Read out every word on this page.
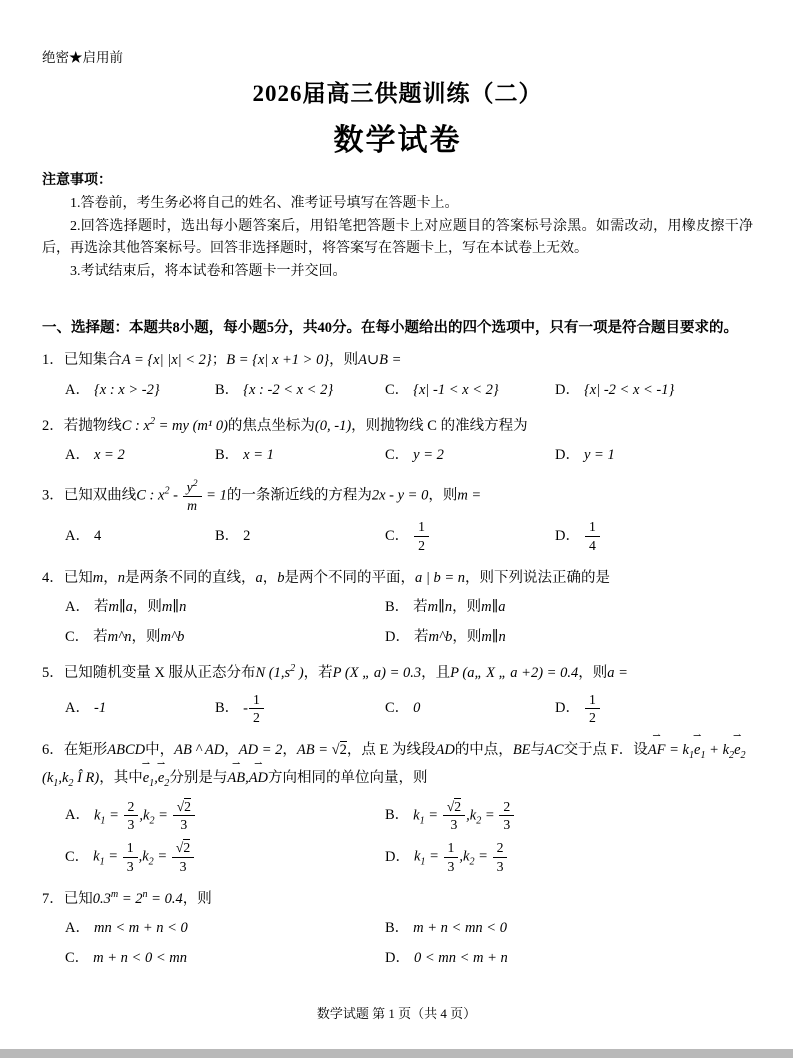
绝密★启用前
2026届高三供题训练（二）
数学试卷
注意事项：

1.答卷前，考生务必将自己的姓名、准考证号填写在答题卡上。

2.回答选择题时，选出每小题答案后，用铅笔把答题卡上对应题目的答案标号涂黑。如需改动，用橡皮擦干净后，再选涂其他答案标号。回答非选择题时，将答案写在答题卡上，写在本试卷上无效。

3.考试结束后，将本试卷和答题卡一并交回。

一、选择题：本题共8小题，每小题5分，共40分。在每小题给出的四个选项中，只有一项是符合题目要求的。
1．已知集合A = {x| |x| < 2}；B = {x| x +1 > 0}，则A∪B =
A． {x : x > -2}	B． {x : -2 < x < 2}	C． {x| -1 < x < 2}	D． {x| -2 < x < -1}
2．若抛物线C : $x^2$ = my (m¹ 0)的焦点坐标为(0, -1)，则抛物线 C 的准线方程为
A． x = 2	B． x = 1	C． y = 2	D． y = 1
3．已知双曲线C : $x^2 - \frac{y^2}{m} = 1$的一条渐近线的方程为2x - y = 0，则m =
A． 4	B． 2	C． $\frac{1}{2}$	D． $\frac{1}{4}$
4．已知m，n是两条不同的直线，a，b是两个不同的平面，a | b = n，则下列说法正确的是
A． 若m∥a，则m∥n	B． 若m∥n，则m∥a
C． 若m^n，则m^b	D． 若m^b，则m∥n
5．已知随机变量 X 服从正态分布N ($1,s^2$ )，若P (X „ a) = 0.3，且P (a„ X „ a +2) = 0.4，则a =
A． -1	B． - $\frac{1}{2}$	C． 0	D． $\frac{1}{2}$
6．在矩形ABCD中，AB ^ AD，AD = 2，AB = √2，点 E 为线段AD的中点，BE与AC交于点 F．设AF ⇀ = $k_1e$ $⇀_1 + k_2e$ $⇀_2$ ($k_1,k_2$ Î R)，其中e $⇀_1,e$ $⇀_2$分别是与AB ⇀,AD ⇀方向相同的单位向量，则
A． $k_1 = \frac{2}{3} ,k_2 = \frac{√2}{3}$	B． $k_1 = \frac{√2}{3} ,k_2 = \frac{2}{3}$
C． $k_1 = \frac{1}{3} ,k_2 = \frac{√2}{3}$	D． $k_1 = \frac{1}{3} ,k_2 = \frac{2}{3}$
7．已知$0.3^m = 2^n = 0.4$，则
A． mn < m + n < 0	B． m + n < mn < 0
C． m + n < 0 < mn	D． 0 < mn < m + n
数学试题 第 1 页（共 4 页）
